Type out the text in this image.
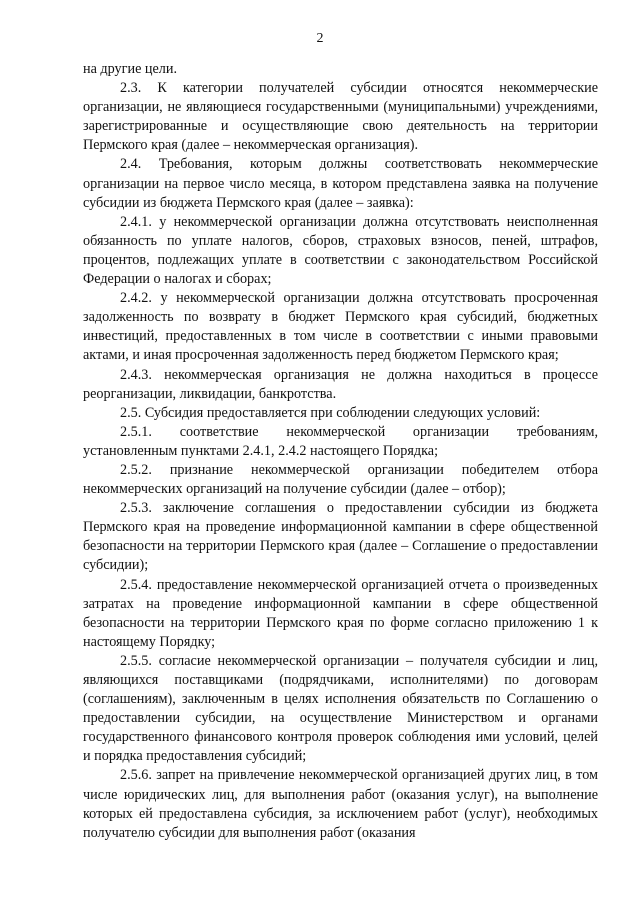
2

на другие цели.

2.3. К категории получателей субсидии относятся некоммерческие организации, не являющиеся государственными (муниципальными) учреждениями, зарегистрированные и осуществляющие свою деятельность на территории Пермского края (далее – некоммерческая организация).

2.4. Требования, которым должны соответствовать некоммерческие организации на первое число месяца, в котором представлена заявка на получение субсидии из бюджета Пермского края (далее – заявка):

2.4.1. у некоммерческой организации должна отсутствовать неисполненная обязанность по уплате налогов, сборов, страховых взносов, пеней, штрафов, процентов, подлежащих уплате в соответствии с законодательством Российской Федерации о налогах и сборах;

2.4.2. у некоммерческой организации должна отсутствовать просроченная задолженность по возврату в бюджет Пермского края субсидий, бюджетных инвестиций, предоставленных в том числе в соответствии с иными правовыми актами, и иная просроченная задолженность перед бюджетом Пермского края;

2.4.3. некоммерческая организация не должна находиться в процессе реорганизации, ликвидации, банкротства.

2.5. Субсидия предоставляется при соблюдении следующих условий:

2.5.1. соответствие некоммерческой организации требованиям, установленным пунктами 2.4.1, 2.4.2 настоящего Порядка;

2.5.2. признание некоммерческой организации победителем отбора некоммерческих организаций на получение субсидии (далее – отбор);

2.5.3. заключение соглашения о предоставлении субсидии из бюджета Пермского края на проведение информационной кампании в сфере общественной безопасности на территории Пермского края (далее – Соглашение о предоставлении субсидии);

2.5.4. предоставление некоммерческой организацией отчета о произведенных затратах на проведение информационной кампании в сфере общественной безопасности на территории Пермского края по форме согласно приложению 1 к настоящему Порядку;

2.5.5. согласие некоммерческой организации – получателя субсидии и лиц, являющихся поставщиками (подрядчиками, исполнителями) по договорам (соглашениям), заключенным в целях исполнения обязательств по Соглашению о предоставлении субсидии, на осуществление Министерством и органами государственного финансового контроля проверок соблюдения ими условий, целей и порядка предоставления субсидий;

2.5.6. запрет на привлечение некоммерческой организацией других лиц, в том числе юридических лиц, для выполнения работ (оказания услуг), на выполнение которых ей предоставлена субсидия, за исключением работ (услуг), необходимых получателю субсидии для выполнения работ (оказания
